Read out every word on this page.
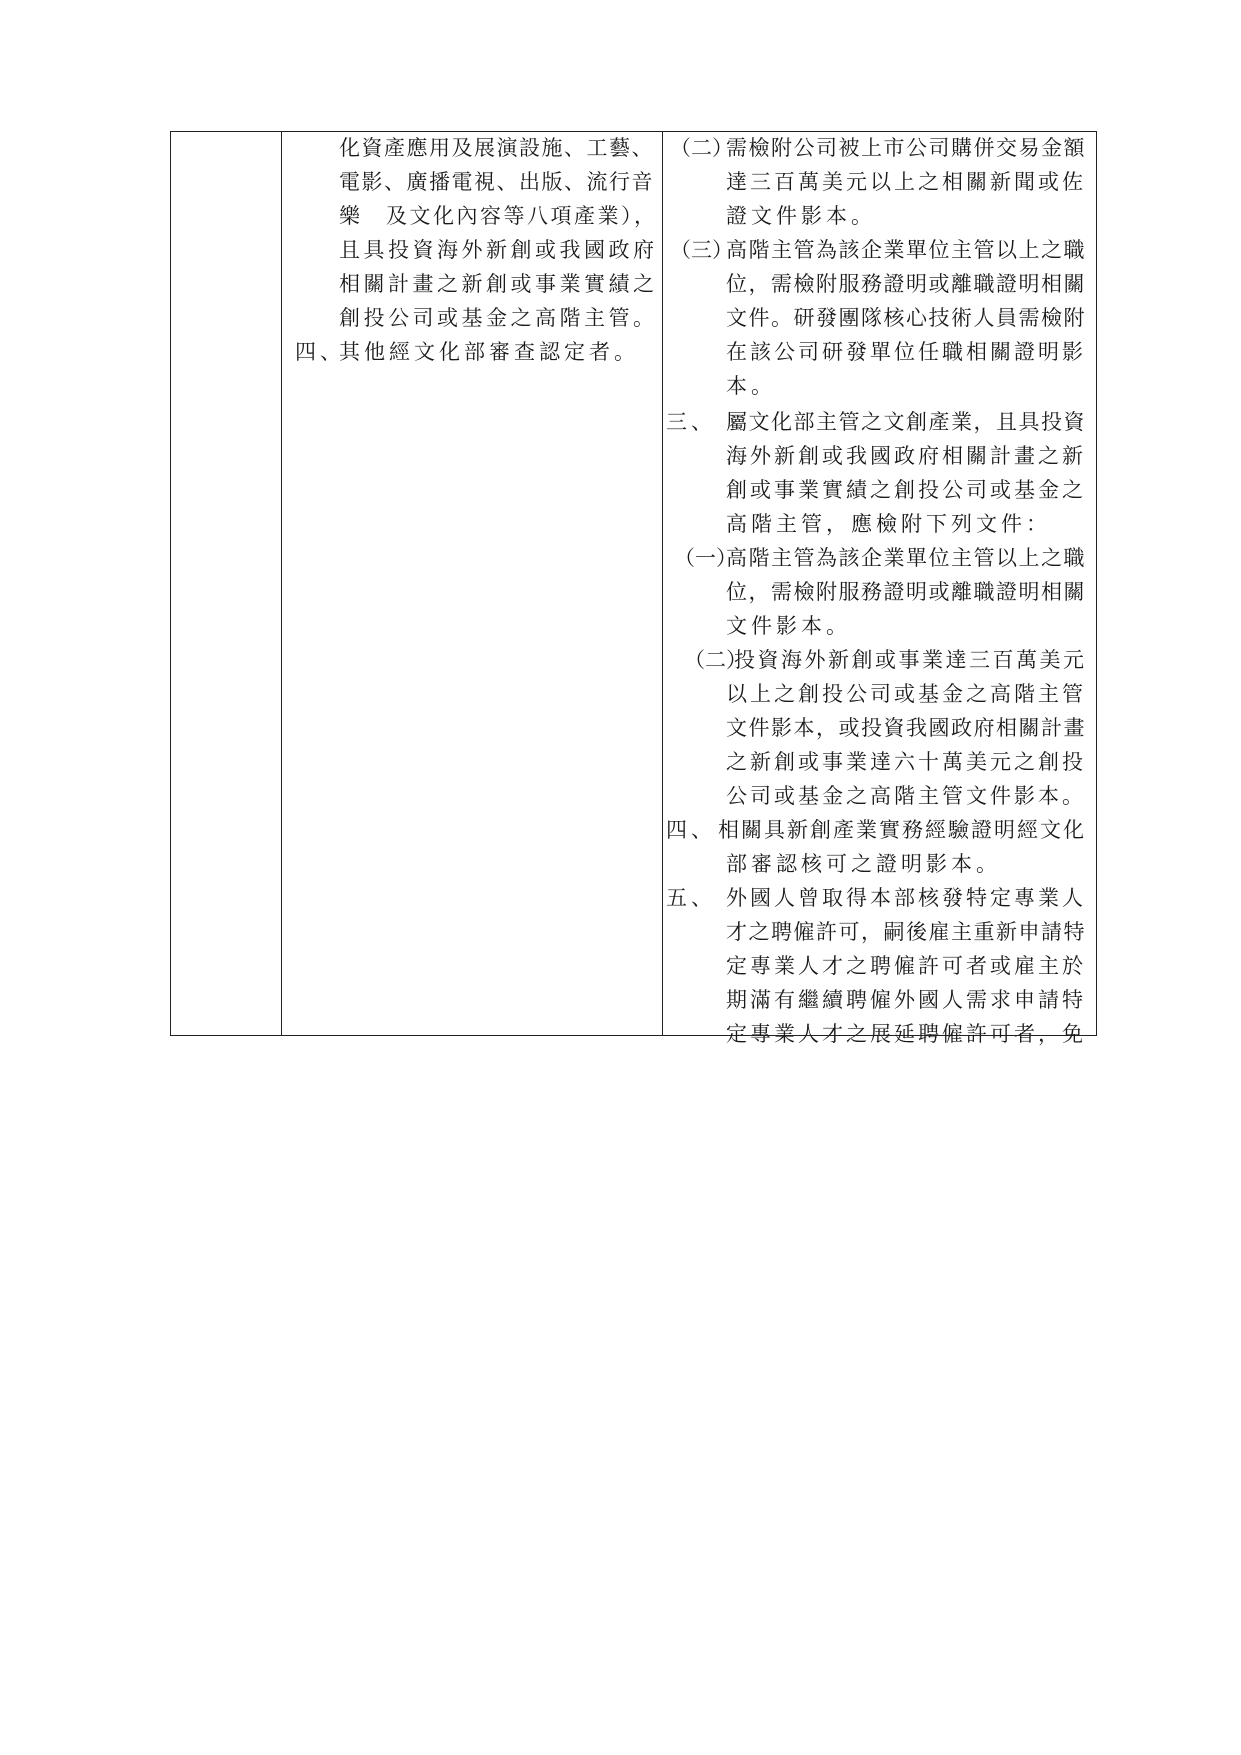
化資產應用及展演設施、工藝、
電影、廣播電視、出版、流行音
樂　及文化內容等八項產業），
且具投資海外新創或我國政府
相關計畫之新創或事業實績之
創投公司或基金之高階主管。
四、
其他經文化部審查認定者。
（二）
需檢附公司被上市公司購併交易金額
達三百萬美元以上之相關新聞或佐
證文件影本。
（三）
高階主管為該企業單位主管以上之職
位，需檢附服務證明或離職證明相關
文件。研發團隊核心技術人員需檢附
在該公司研發單位任職相關證明影
本。
三、 屬文化部主管之文創產業，且具投資
海外新創或我國政府相關計畫之新
創或事業實績之創投公司或基金之
高階主管，應檢附下列文件：
（一）
高階主管為該企業單位主管以上之職
位，需檢附服務證明或離職證明相關
文件影本。
（二）
投資海外新創或事業達三百萬美元
以上之創投公司或基金之高階主管
文件影本，或投資我國政府相關計畫
之新創或事業達六十萬美元之創投
公司或基金之高階主管文件影本。
四、 相關具新創產業實務經驗證明經文化
部審認核可之證明影本。
五、 外國人曾取得本部核發特定專業人
才之聘僱許可，嗣後雇主重新申請特
定專業人才之聘僱許可者或雇主於
期滿有繼續聘僱外國人需求申請特
定專業人才之展延聘僱許可者，免
